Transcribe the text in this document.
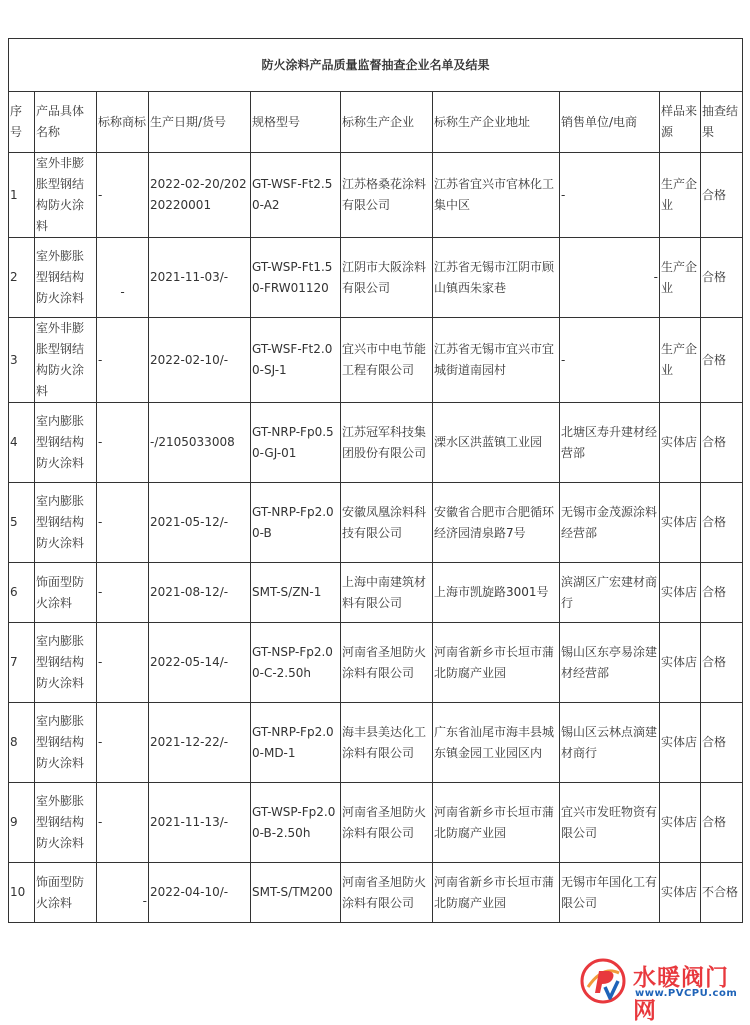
防火涂料产品质量监督抽查企业名单及结果									
序号	产品具体名称	标称商标	生产日期/货号	规格型号	标称生产企业	标称生产企业地址	销售单位/电商	样品来源	抽查结果
1	室外非膨胀型钢结构防火涂料	-	2022-02-20/20220220001	GT-WSF-Ft2.50-A2	江苏格桑花涂料有限公司	江苏省宜兴市官林化工集中区	-	生产企业	合格
2	室外膨胀型钢结构防火涂料	-	2021-11-03/-	GT-WSP-Ft1.50-FRW01120	江阴市大阪涂料有限公司	江苏省无锡市江阴市顾山镇西朱家巷	-	生产企业	合格
3	室外非膨胀型钢结构防火涂料	-	2022-02-10/-	GT-WSF-Ft2.00-SJ-1	宜兴市中电节能工程有限公司	江苏省无锡市宜兴市宜城街道南园村	-	生产企业	合格
4	室内膨胀型钢结构防火涂料	-	-/2105033008	GT-NRP-Fp0.50-GJ-01	江苏冠军科技集团股份有限公司	溧水区洪蓝镇工业园	北塘区寿升建材经营部	实体店	合格
5	室内膨胀型钢结构防火涂料	-	2021-05-12/-	GT-NRP-Fp2.00-B	安徽凤凰涂料科技有限公司	安徽省合肥市合肥循环经济园清泉路7号	无锡市金茂源涂料经营部	实体店	合格
6	饰面型防火涂料	-	2021-08-12/-	SMT-S/ZN-1	上海中南建筑材料有限公司	上海市凯旋路3001号	滨湖区广宏建材商行	实体店	合格
7	室内膨胀型钢结构防火涂料	-	2022-05-14/-	GT-NSP-Fp2.00-C-2.50h	河南省圣旭防火涂料有限公司	河南省新乡市长垣市蒲北防腐产业园	锡山区东亭易涂建材经营部	实体店	合格
8	室内膨胀型钢结构防火涂料	-	2021-12-22/-	GT-NRP-Fp2.00-MD-1	海丰县美达化工涂料有限公司	广东省汕尾市海丰县城东镇金园工业园区内	锡山区云林点滴建材商行	实体店	合格
9	室外膨胀型钢结构防火涂料	-	2021-11-13/-	GT-WSP-Fp2.00-B-2.50h	河南省圣旭防火涂料有限公司	河南省新乡市长垣市蒲北防腐产业园	宜兴市发旺物资有限公司	实体店	合格
10	饰面型防火涂料	-	2022-04-10/-	SMT-S/TM200	河南省圣旭防火涂料有限公司	河南省新乡市长垣市蒲北防腐产业园	无锡市年国化工有限公司	实体店	不合格
水暖阀门网
www.PVCPU.com
